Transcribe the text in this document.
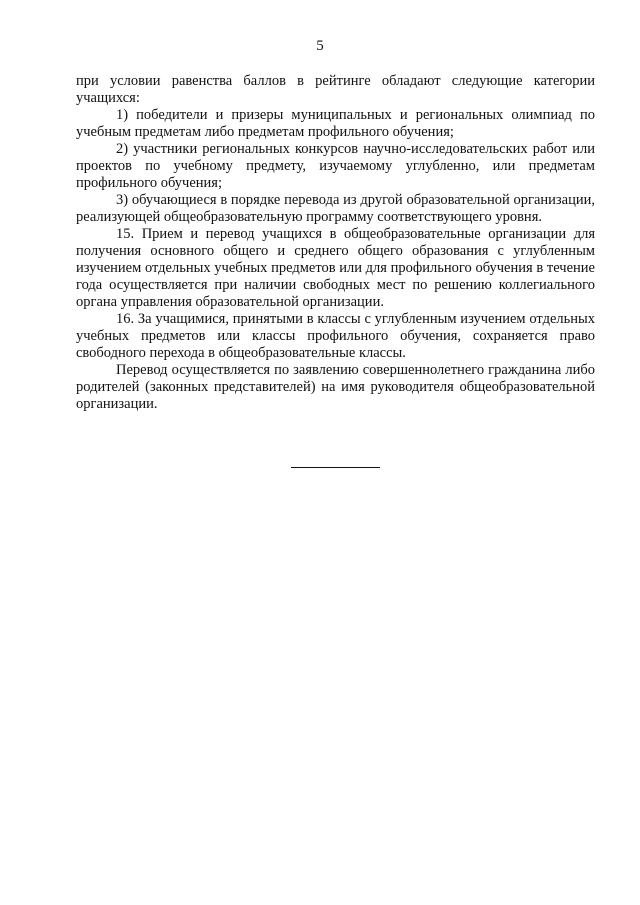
5

при условии равенства баллов в рейтинге обладают следующие категории учащихся:

1) победители и призеры муниципальных и региональных олимпиад по учебным предметам либо предметам профильного обучения;

2) участники региональных конкурсов научно-исследовательских работ или проектов по учебному предмету, изучаемому углубленно, или предметам профильного обучения;

3) обучающиеся в порядке перевода из другой образовательной организации, реализующей общеобразовательную программу соответствующего уровня.

15. Прием и перевод учащихся в общеобразовательные организации для получения основного общего и среднего общего образования с углубленным изучением отдельных учебных предметов или для профильного обучения в течение года осуществляется при наличии свободных мест по решению коллегиального органа управления образовательной организации.

16. За учащимися, принятыми в классы с углубленным изучением отдельных учебных предметов или классы профильного обучения, сохраняется право свободного перехода в общеобразовательные классы.

Перевод осуществляется по заявлению совершеннолетнего гражданина либо родителей (законных представителей) на имя руководителя общеобразовательной организации.
